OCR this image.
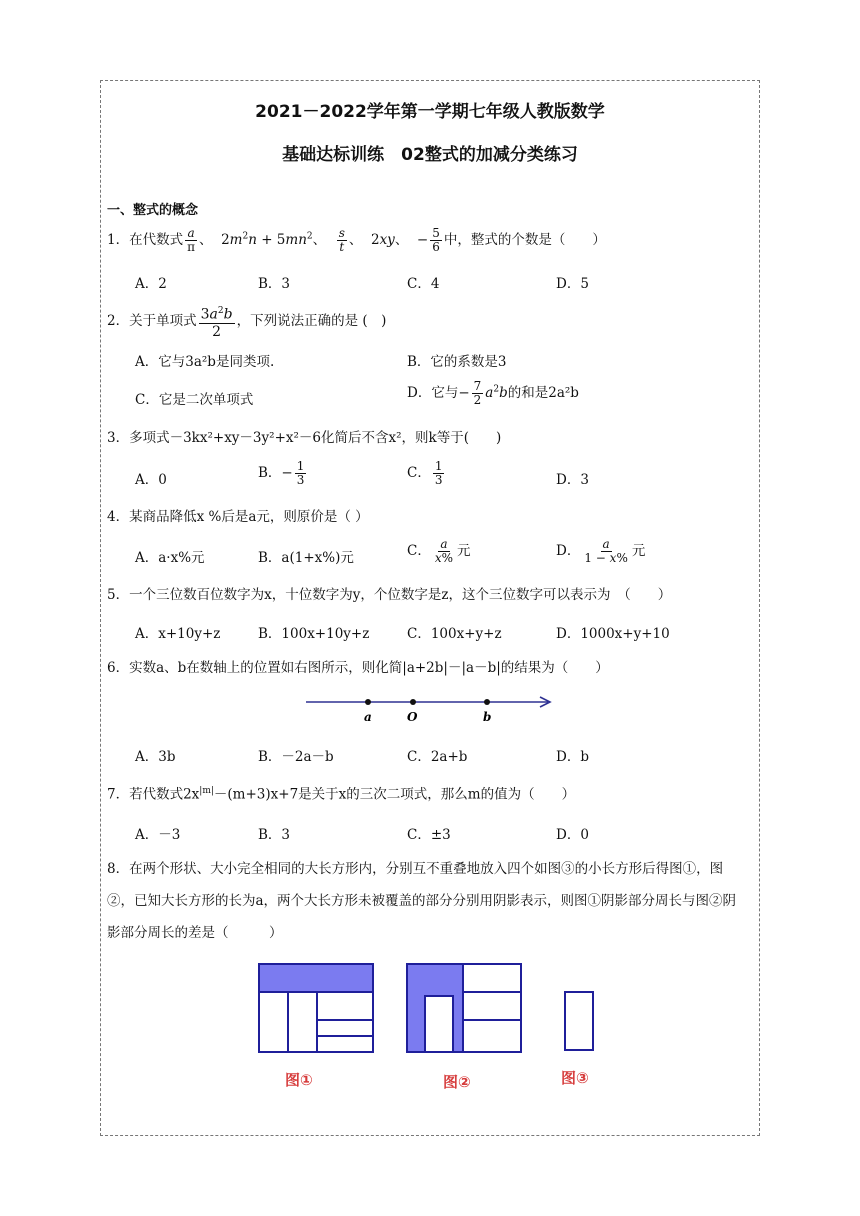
2021－2022学年第一学期七年级人教版数学
基础达标训练　02整式的加减分类练习
一、整式的概念
1．在代数式 $\frac{a}{\pi}$ 、  $2m^2n + 5mn^2$、 $\frac{s}{t}$ 、  2xy、  − $\frac{5}{6}$ 中，整式的个数是（　　）
A．2	B．3	C．4	D．5
2．关于单项式 $\frac{3a^2b}{2}$ ，下列说法正确的是 (　)
A．它与3a²b是同类项.	B．它的系数是3
C．它是二次单项式	D．它与− $\frac{7}{2} a^2b$的和是2a²b
3．多项式－3kx²+xy－3y²+x²－6化简后不含x²，则k等于(　　)
A．0	B．− $\frac{1}{3}$	C． $\frac{1}{3}$	D．3
4．某商品降低x %后是a元，则原价是（ ）
A．a·x%元	B．a(1+x%)元	C． $\frac{a}{x\%}$ 元	D． $\frac{a}{1 - x\%}$ 元
5．一个三位数百位数字为x，十位数字为y，个位数字是z，这个三位数字可以表示为　（　　）
A．x+10y+z	B．100x+10y+z	C．100x+y+z	D．1000x+y+10
6．实数a、b在数轴上的位置如右图所示，则化简|a+2b|－|a－b|的结果为（　　）
a	O	b
A．3b	B．－2a－b	C．2a+b	D．b
7．若代数式$2x^{|m|}-(m+3)x+7$是关于x的三次二项式，那么m的值为（　　）
A．－3	B．3	C．±3	D．0
8．在两个形状、大小完全相同的大长方形内，分别互不重叠地放入四个如图③的小长方形后得图①，图②，已知大长方形的长为a，两个大长方形未被覆盖的部分分别用阴影表示，则图①阴影部分周长与图②阴影部分周长的差是（　　　）
图①	图②	图③
